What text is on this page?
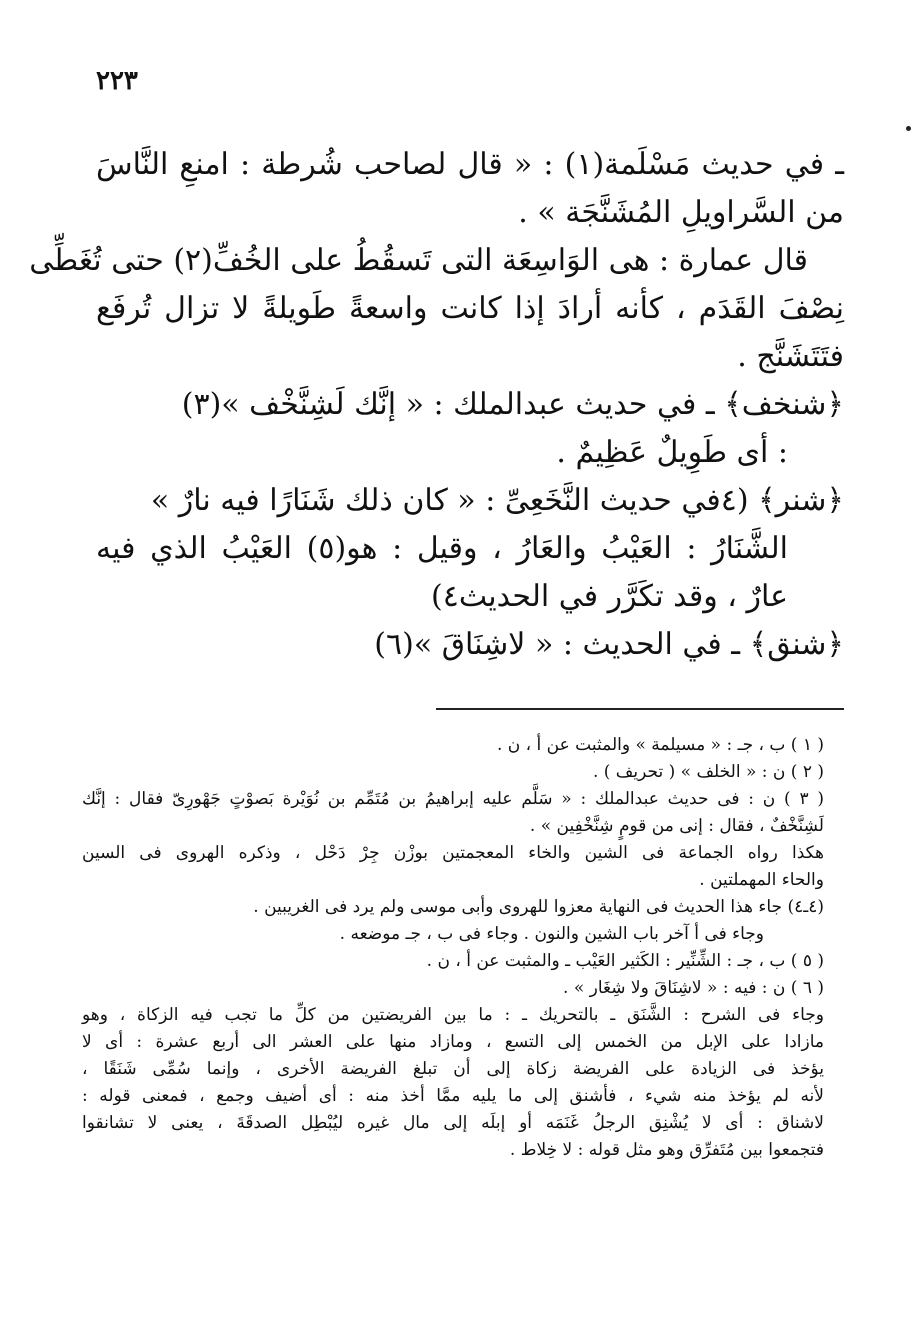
٢٢٣
ـ في حديث مَسْلَمة(١) : « قال لصاحب شُرطة : امنعِ النَّاسَ
من السَّراويلِ المُشَنَّجَة » .
قال عمارة : هى الوَاسِعَة التى تَسقُطُ على الخُفِّ(٢) حتى تُغَطِّى
نِصْفَ القَدَم ، كأنه أرادَ إذا كانت واسعةً طَويلةً لا تزال تُرفَع
فتَتَشَنَّج .
﴿شنخف﴾ ـ في حديث عبدالملك : « إنَّك لَشِنَّخْف »(٣)
: أى طَوِيلٌ عَظِيمٌ .
﴿شنر﴾ (٤في حديث النَّخَعِىِّ : « كان ذلك شَنَارًا فيه نارٌ »
الشَّنَارُ : العَيْبُ والعَارُ ، وقيل : هو(٥) العَيْبُ الذي فيه
عارٌ ، وقد تكَرَّر في الحديث٤)
﴿شنق﴾ ـ في الحديث : « لاشِنَاقَ »(٦)
( ١ ) ب ، جـ : « مسيلمة » والمثبت عن أ ، ن .
( ٢ ) ن : « الخلف » ( تحريف ) .
( ٣ ) ن : فى حديث عبدالملك : « سَلَّم عليه إبراهيمُ بن مُتَمِّم بن نُوَيْرة بَصوْتٍ جَهْورِىّ فقال : إنَّك
لَشِنَّخْفٌ ، فقال : إنى من قومٍ شِنَّخْفِين » .
هكذا رواه الجماعة فى الشين والخاء المعجمتين بوزْن جِرْ دَحْل ، وذكره الهروى فى السين
والحاء المهملتين .
(٤ـ٤) جاء هذا الحديث فى النهاية معزوا للهروى وأبى موسى ولم يرد فى الغريبين .
وجاء فى أ آخر باب الشين والنون . وجاء فى ب ، جـ موضعه .
( ٥ ) ب ، جـ : الشِّنِّير : الكَثير العَيْب ـ والمثبت عن أ ، ن .
( ٦ ) ن : فيه : « لاشِنَاقَ ولا شِغَار » .
وجاء فى الشرح : الشَّنَق ـ بالتحريك ـ : ما بين الفريضتين من كلِّ ما تجب فيه الزكاة ، وهو
مازادا على الإبل من الخمس إلى التسع ، ومازاد منها على العشر الى أربع عشرة : أى لا
يؤخذ فى الزيادة على الفريضة زكاة إلى أن تبلغ الفريضة الأخرى ، وإنما سُمِّى شَنَقًا ،
لأنه لم يؤخذ منه شيء ، فأشنق إلى ما يليه ممَّا أخذ منه : أى أضيف وجمع ، فمعنى قوله :
لاشناق : أى لا يُشْنِق الرجلُ غَنَمَه أو إبلَه إلى مال غيره ليُبْطِل الصدقَةَ ، يعنى لا تشانقوا
فتجمعوا بين مُتَفرِّق وهو مثل قوله : لا خِلاط .
